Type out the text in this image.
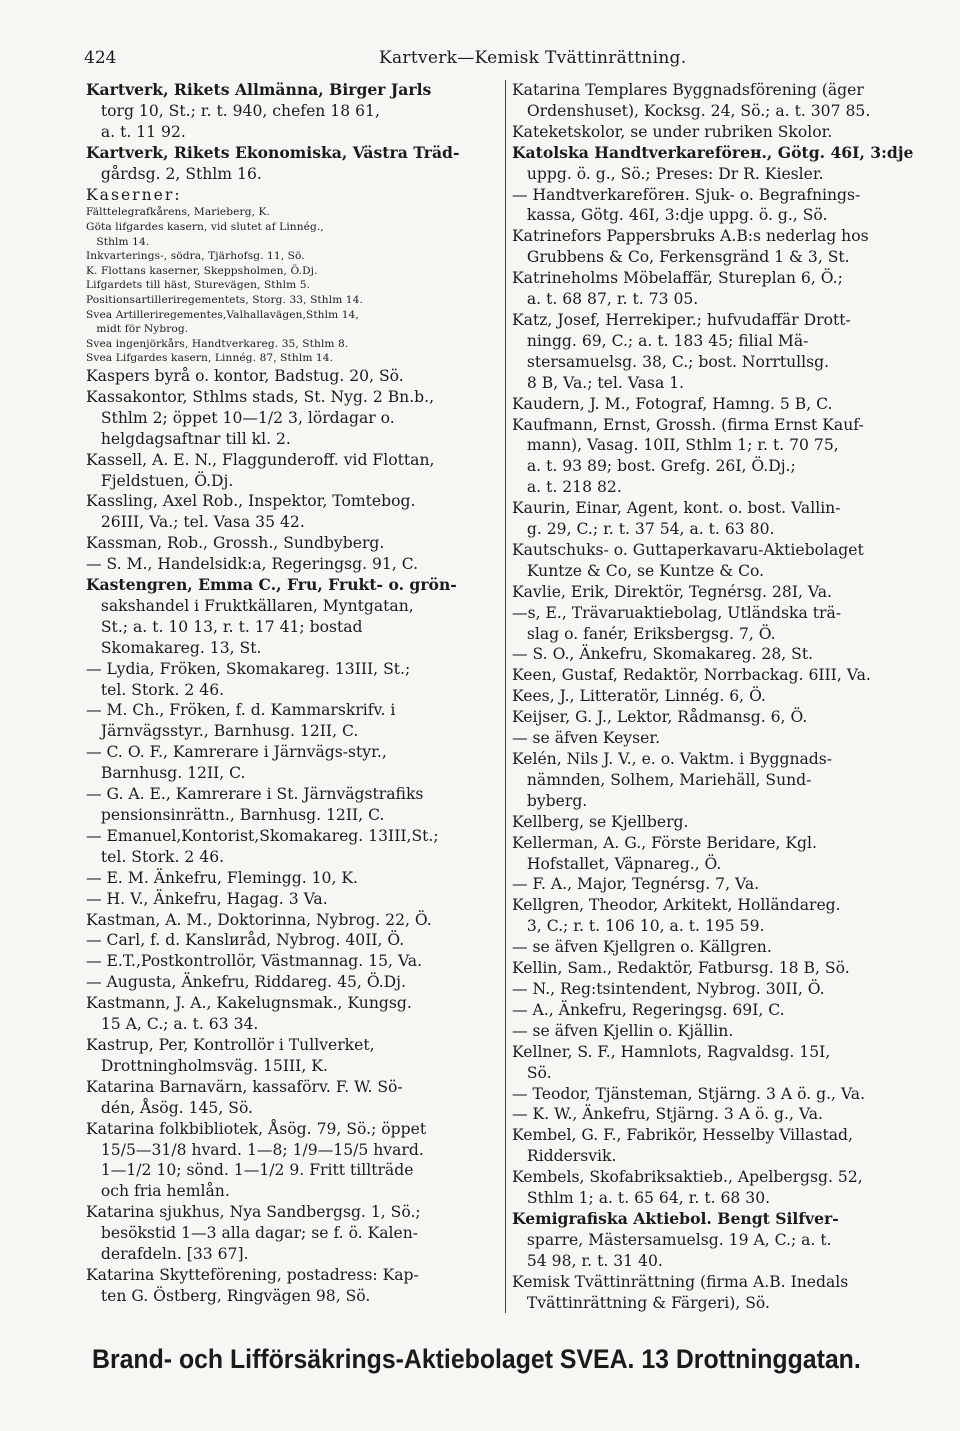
424	Kartverk—Kemisk Tvättinrättning.

Kartverk, Rikets Allmänna, Birger Jarls

torg 10, St.; r. t. 940, chefen 18 61,

a. t. 11 92.

Kartverk, Rikets Ekonomiska, Västra Träd-

gårdsg. 2, Sthlm 16.

Kaserner:

Fälttelegrafkårens, Marieberg, K.

Göta lifgardes kasern, vid slutet af Linnég.,

Sthlm 14.

Inkvarterings-, södra, Tjärhofsg. 11, Sö.

K. Flottans kaserner, Skeppsholmen, Ö.Dj.

Lifgardets till häst, Sturevägen, Sthlm 5.

Positionsartilleriregementets, Storg. 33, Sthlm 14.

Svea Artilleriregementes,Valhallavägen,Sthlm 14,

midt för Nybrog.

Svea ingenjörkårs, Handtverkareg. 35, Sthlm 8.

Svea Lifgardes kasern, Linnég. 87, Sthlm 14.

Kaspers byrå o. kontor, Badstug. 20, Sö.

Kassakontor, Sthlms stads, St. Nyg. 2 Bn.b.,

Sthlm 2; öppet 10—1/2 3, lördagar o.

helgdagsaftnar till kl. 2.

Kassell, A. E. N., Flaggunderoff. vid Flottan,

Fjeldstuen, Ö.Dj.

Kassling, Axel Rob., Inspektor, Tomtebog.

26III, Va.; tel. Vasa 35 42.

Kassman, Rob., Grossh., Sundbyberg.

— S. M., Handelsidk:a, Regeringsg. 91, C.

Kastengren, Emma C., Fru, Frukt- o. grön-

sakshandel i Fruktkällaren, Myntgatan,

St.; a. t. 10 13, r. t. 17 41; bostad

Skomakareg. 13, St.

— Lydia, Fröken, Skomakareg. 13III, St.;

tel. Stork. 2 46.

— M. Ch., Fröken, f. d. Kammarskrifv. i

Järnvägsstyr., Barnhusg. 12II, C.

— C. O. F., Kamrerare i Järnvägs-styr.,

Barnhusg. 12II, C.

— G. A. E., Kamrerare i St. Järnvägstrafiks

pensionsinrättn., Barnhusg. 12II, C.

— Emanuel,Kontorist,Skomakareg. 13III,St.;

tel. Stork. 2 46.

— E. M. Änkefru, Flemingg. 10, K.

— H. V., Änkefru, Hagag. 3 Va.

Kastman, A. M., Doktorinna, Nybrog. 22, Ö.

— Carl, f. d. Kanslиråd, Nybrog. 40II, Ö.

— E.T.,Postkontrollör, Västmannag. 15, Va.

— Augusta, Änkefru, Riddareg. 45, Ö.Dj.

Kastmann, J. A., Kakelugnsmak., Kungsg.

15 A, C.; a. t. 63 34.

Kastrup, Per, Kontrollör i Tullverket,

Drottningholmsväg. 15III, K.

Katarina Barnavärn, kassaförv. F. W. Sö-

dén, Åsög. 145, Sö.

Katarina folkbibliotek, Åsög. 79, Sö.; öppet

15/5—31/8 hvard. 1—8; 1/9—15/5 hvard.

1—1/2 10; sönd. 1—1/2 9. Fritt tillträde

och fria hemlån.

Katarina sjukhus, Nya Sandbergsg. 1, Sö.;

besökstid 1—3 alla dagar; se f. ö. Kalen-

derafdeln. [33 67].

Katarina Skytteförening, postadress: Kap-

ten G. Östberg, Ringvägen 98, Sö.

Katarina Templares Byggnadsförening (äger

Ordenshuset), Kocksg. 24, Sö.; a. t. 307 85.

Kateketskolor, se under rubriken Skolor.

Katolska Handtverkareförен., Götg. 46I, 3:dje

uppg. ö. g., Sö.; Preses: Dr R. Kiesler.

— Handtverkareföreн. Sjuk- o. Begrafnings-

kassa, Götg. 46I, 3:dje uppg. ö. g., Sö.

Katrinefors Pappersbruks A.B:s nederlag hos

Grubbens & Co, Ferkensgränd 1 & 3, St.

Katrineholms Möbelaffär, Stureplan 6, Ö.;

a. t. 68 87, r. t. 73 05.

Katz, Josef, Herrekiper.; hufvudaffär Drott-

ningg. 69, C.; a. t. 183 45; filial Mä-

stersamuelsg. 38, C.; bost. Norrtullsg.

8 B, Va.; tel. Vasa 1.

Kaudern, J. M., Fotograf, Hamng. 5 B, C.

Kaufmann, Ernst, Grossh. (firma Ernst Kauf-

mann), Vasag. 10II, Sthlm 1; r. t. 70 75,

a. t. 93 89; bost. Grefg. 26I, Ö.Dj.;

a. t. 218 82.

Kaurin, Einar, Agent, kont. o. bost. Vallin-

g. 29, C.; r. t. 37 54, a. t. 63 80.

Kautschuks- o. Guttaperkavaru-Aktiebolaget

Kuntze & Co, se Kuntze & Co.

Kavlie, Erik, Direktör, Tegnérsg. 28I, Va.

—s, E., Trävaruaktiebolag, Utländska trä-

slag o. fanér, Eriksbergsg. 7, Ö.

— S. O., Änkefru, Skomakareg. 28, St.

Keen, Gustaf, Redaktör, Norrbackag. 6III, Va.

Kees, J., Litteratör, Linnég. 6, Ö.

Keijser, G. J., Lektor, Rådmansg. 6, Ö.

— se äfven Keyser.

Kelén, Nils J. V., e. o. Vaktm. i Byggnads-

nämnden, Solhem, Mariehäll, Sund-

byberg.

Kellberg, se Kjellberg.

Kellerman, A. G., Förste Beridare, Kgl.

Hofstallet, Väpnareg., Ö.

— F. A., Major, Tegnérsg. 7, Va.

Kellgren, Theodor, Arkitekt, Holländareg.

3, C.; r. t. 106 10, a. t. 195 59.

— se äfven Kjellgren o. Källgren.

Kellin, Sam., Redaktör, Fatbursg. 18 B, Sö.

— N., Reg:tsintendent, Nybrog. 30II, Ö.

— A., Änkefru, Regeringsg. 69I, C.

— se äfven Kjellin o. Kjällin.

Kellner, S. F., Hamnlots, Ragvaldsg. 15I,

Sö.

— Teodor, Tjänsteman, Stjärng. 3 A ö. g., Va.

— K. W., Änkefru, Stjärng. 3 A ö. g., Va.

Kembel, G. F., Fabrikör, Hesselby Villastad,

Riddersvik.

Kembels, Skofabriksaktieb., Apelbergsg. 52,

Sthlm 1; a. t. 65 64, r. t. 68 30.

Kemigrafiska Aktiebol. Bengt Silfver-

sparre, Mästersamuelsg. 19 A, C.; a. t.

54 98, r. t. 31 40.

Kemisk Tvättinrättning (firma A.B. Inedals

Tvättinrättning & Färgeri), Sö.

Brand- och Lifförsäkrings-Aktiebolaget SVEA. 13 Drottninggatan.
